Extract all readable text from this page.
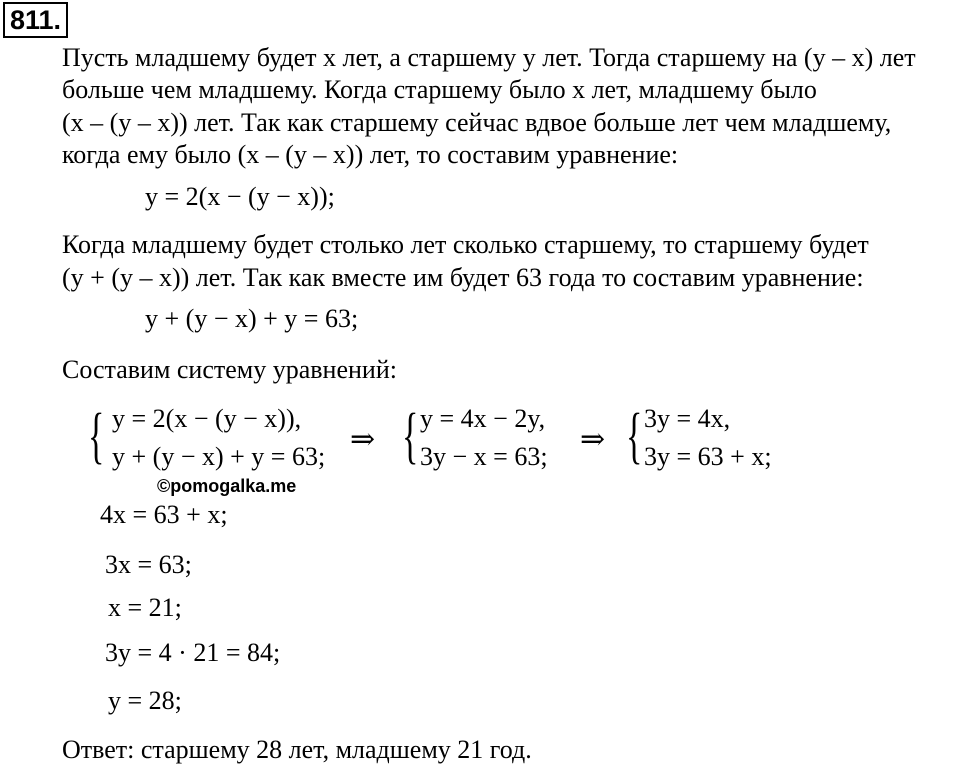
811.
Пусть младшему будет x лет, а старшему y лет. Тогда старшему на (y – x) лет
больше чем младшему. Когда старшему было x лет, младшему было
(x – (y – x)) лет. Так как старшему сейчас вдвое больше лет чем младшему,
когда ему было (x – (y – x)) лет, то составим уравнение:
y = 2(x − (y − x));
Когда младшему будет столько лет сколько старшему, то старшему будет
(y + (y – x)) лет. Так как вместе им будет 63 года то составим уравнение:
y + (y − x) + y = 63;
Составим систему уравнений:
{ y = 2(x − (y − x)),
y + (y − x) + y = 63;
⇒ { y = 4x − 2y,
3y − x = 63;
⇒ { 3y = 4x,
3y = 63 + x;
©pomogalka.me
4x = 63 + x;
3x = 63;
x = 21;
3y = 4 · 21 = 84;
y = 28;
Ответ: старшему 28 лет, младшему 21 год.
